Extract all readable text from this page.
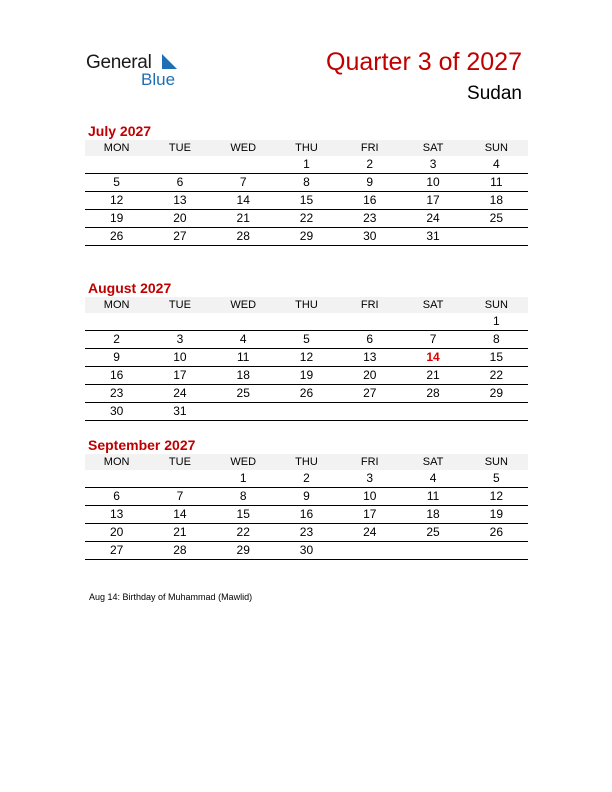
General
Blue
Quarter 3 of 2027
Sudan
July 2027
MON	TUE	WED	THU	FRI	SAT	SUN
			1	2	3	4
5	6	7	8	9	10	11
12	13	14	15	16	17	18
19	20	21	22	23	24	25
26	27	28	29	30	31	
August 2027
MON	TUE	WED	THU	FRI	SAT	SUN
						1
2	3	4	5	6	7	8
9	10	11	12	13	14	15
16	17	18	19	20	21	22
23	24	25	26	27	28	29
30	31					
September 2027
MON	TUE	WED	THU	FRI	SAT	SUN
		1	2	3	4	5
6	7	8	9	10	11	12
13	14	15	16	17	18	19
20	21	22	23	24	25	26
27	28	29	30			
Aug 14: Birthday of Muhammad (Mawlid)
